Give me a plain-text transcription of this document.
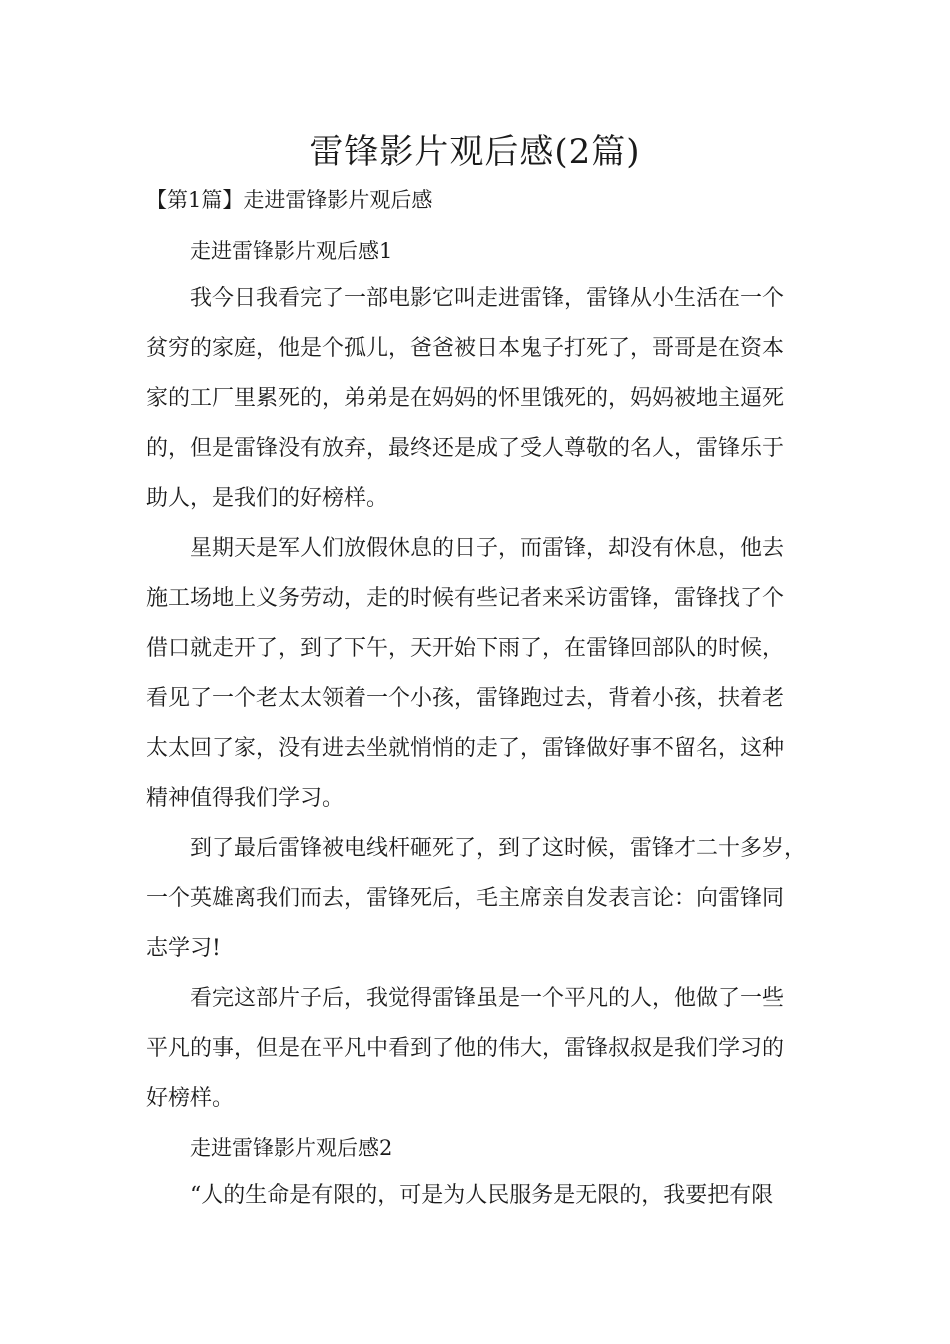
雷锋影片观后感(2篇)
【第1篇】走进雷锋影片观后感
走进雷锋影片观后感1

我今日我看完了一部电影它叫走进雷锋，雷锋从小生活在一个
贫穷的家庭，他是个孤儿，爸爸被日本鬼子打死了，哥哥是在资本
家的工厂里累死的，弟弟是在妈妈的怀里饿死的，妈妈被地主逼死
的，但是雷锋没有放弃，最终还是成了受人尊敬的名人，雷锋乐于
助人，是我们的好榜样。

星期天是军人们放假休息的日子，而雷锋，却没有休息，他去
施工场地上义务劳动，走的时候有些记者来采访雷锋，雷锋找了个
借口就走开了，到了下午，天开始下雨了，在雷锋回部队的时候，
看见了一个老太太领着一个小孩，雷锋跑过去，背着小孩，扶着老
太太回了家，没有进去坐就悄悄的走了，雷锋做好事不留名，这种
精神值得我们学习。

到了最后雷锋被电线杆砸死了，到了这时候，雷锋才二十多岁，
一个英雄离我们而去，雷锋死后，毛主席亲自发表言论：向雷锋同
志学习!

看完这部片子后，我觉得雷锋虽是一个平凡的人，他做了一些
平凡的事，但是在平凡中看到了他的伟大，雷锋叔叔是我们学习的
好榜样。

走进雷锋影片观后感2

“人的生命是有限的，可是为人民服务是无限的，我要把有限
